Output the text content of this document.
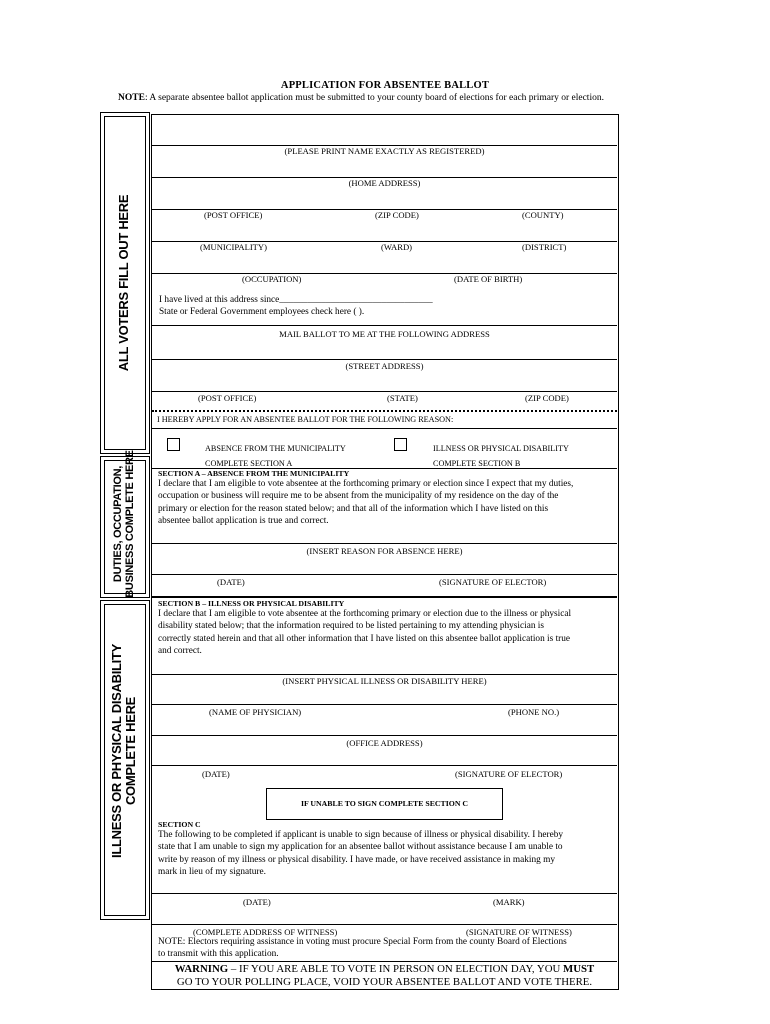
APPLICATION FOR ABSENTEE BALLOT
NOTE: A separate absentee ballot application must be submitted to your county board of elections for each primary or election.
ALL VOTERS FILL OUT HERE
DUTIES, OCCUPATION, BUSINESS COMPLETE HERE
ILLNESS OR PHYSICAL DISABILITY COMPLETE HERE
(PLEASE PRINT NAME EXACTLY AS REGISTERED)
(HOME ADDRESS)
(POST OFFICE)	(ZIP CODE)	(COUNTY)
(MUNICIPALITY)	(WARD)	(DISTRICT)
(OCCUPATION)	(DATE OF BIRTH)
I have lived at this address since_________________________________
State or Federal Government employees check here ( ).
MAIL BALLOT TO ME AT THE FOLLOWING ADDRESS
(STREET ADDRESS)
(POST OFFICE)	(STATE)	(ZIP CODE)
I HEREBY APPLY FOR AN ABSENTEE BALLOT FOR THE FOLLOWING REASON:
ABSENCE FROM THE MUNICIPALITY
COMPLETE SECTION A
ILLNESS OR PHYSICAL DISABILITY
COMPLETE SECTION B
SECTION A – ABSENCE FROM THE MUNICIPALITY
I declare that I am eligible to vote absentee at the forthcoming primary or election since I expect that my duties,
occupation or business will require me to be absent from the municipality of my residence on the day of the
primary or election for the reason stated below; and that all of the information which I have listed on this
absentee ballot application is true and correct.
(INSERT REASON FOR ABSENCE HERE)
(DATE)	(SIGNATURE OF ELECTOR)
SECTION B – ILLNESS OR PHYSICAL DISABILITY
I declare that I am eligible to vote absentee at the forthcoming primary or election due to the illness or physical
disability stated below; that the information required to be listed pertaining to my attending physician is
correctly stated herein and that all other information that I have listed on this absentee ballot application is true
and correct.
(INSERT PHYSICAL ILLNESS OR DISABILITY HERE)
(NAME OF PHYSICIAN)	(PHONE NO.)
(OFFICE ADDRESS)
(DATE)	(SIGNATURE OF ELECTOR)
IF UNABLE TO SIGN COMPLETE SECTION C
SECTION C
The following to be completed if applicant is unable to sign because of illness or physical disability. I hereby
state that I am unable to sign my application for an absentee ballot without assistance because I am unable to
write by reason of my illness or physical disability. I have made, or have received assistance in making my
mark in lieu of my signature.
(DATE)	(MARK)
(COMPLETE ADDRESS OF WITNESS)	(SIGNATURE OF WITNESS)
NOTE: Electors requiring assistance in voting must procure Special Form from the county Board of Elections
to transmit with this application.
WARNING – IF YOU ARE ABLE TO VOTE IN PERSON ON ELECTION DAY, YOU MUST
GO TO YOUR POLLING PLACE, VOID YOUR ABSENTEE BALLOT AND VOTE THERE.
